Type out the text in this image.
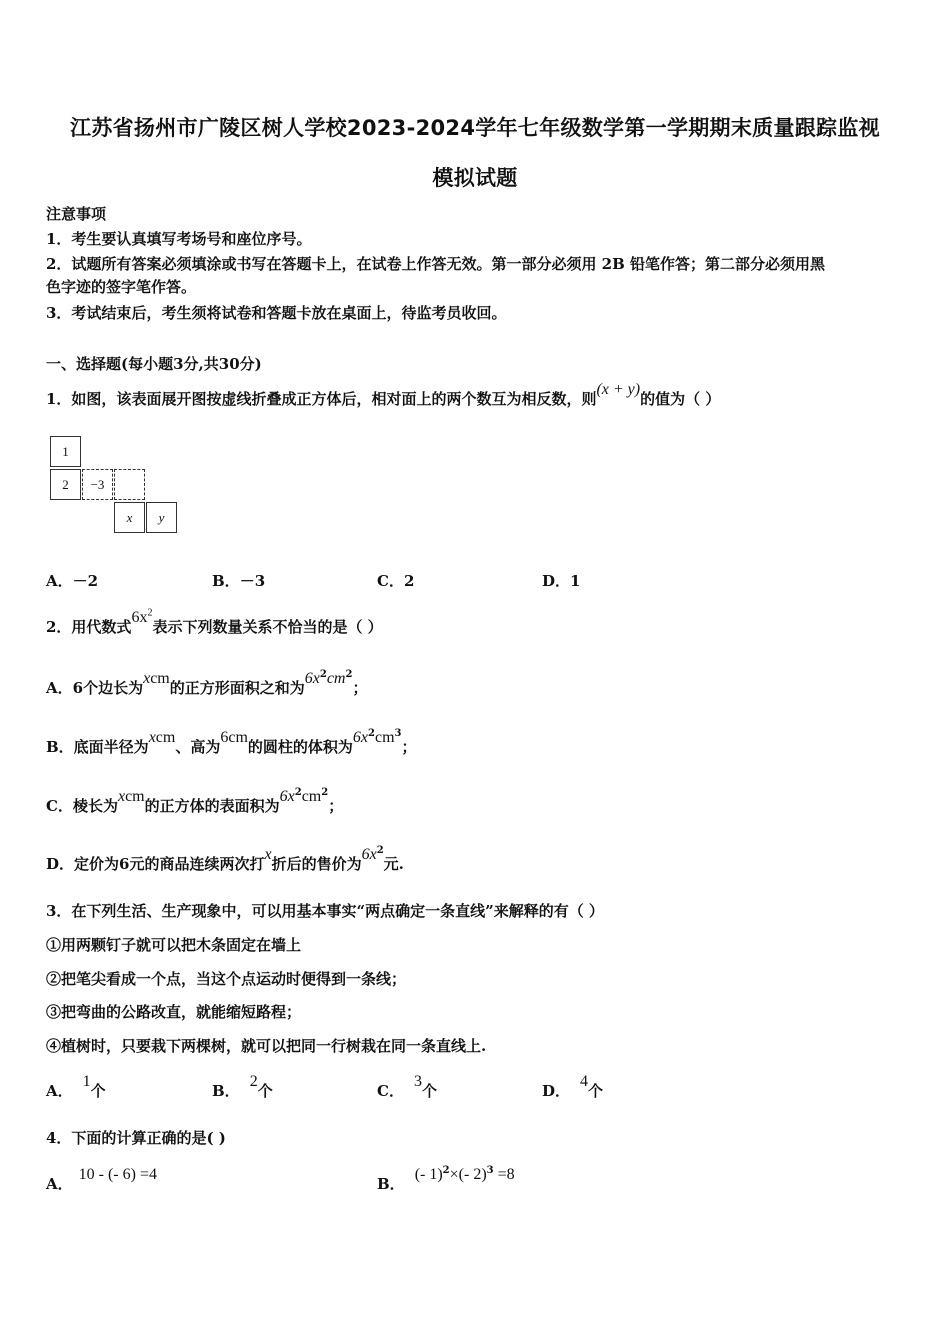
江苏省扬州市广陵区树人学校2023-2024学年七年级数学第一学期期末质量跟踪监视
模拟试题
注意事项
1．考生要认真填写考场号和座位序号。
2．试题所有答案必须填涂或书写在答题卡上，在试卷上作答无效。第一部分必须用 2B 铅笔作答；第二部分必须用黑
色字迹的签字笔作答。
3．考试结束后，考生须将试卷和答题卡放在桌面上，待监考员收回。
一、选择题(每小题3分,共30分)
1．如图，该表面展开图按虚线折叠成正方体后，相对面上的两个数互为相反数，则(x + y)的值为（ ）
1
2	−3
x	y
A．－2	B．－3	C．2	D．1
2．用代数式$6x^2$表示下列数量关系不恰当的是（ ）
A．6个边长为xcm的正方形面积之和为$6x^2cm^2$；
B．底面半径为xcm、高为6cm的圆柱的体积为$6x^2cm^3$；
C．棱长为xcm的正方体的表面积为$6x^2cm^2$；
D．定价为6元的商品连续两次打x折后的售价为$6x^2$元.
3．在下列生活、生产现象中，可以用基本事实“两点确定一条直线”来解释的有（ ）
①用两颗钉子就可以把木条固定在墙上
②把笔尖看成一个点，当这个点运动时便得到一条线；
③把弯曲的公路改直，就能缩短路程；
④植树时，只要栽下两棵树，就可以把同一行树栽在同一条直线上.
A．1个	B．2个	C．3个	D．4个
4．下面的计算正确的是( )
A．10 - (- 6) =4
B．(- 1)$^2$×(- 2)$^3$ =8
